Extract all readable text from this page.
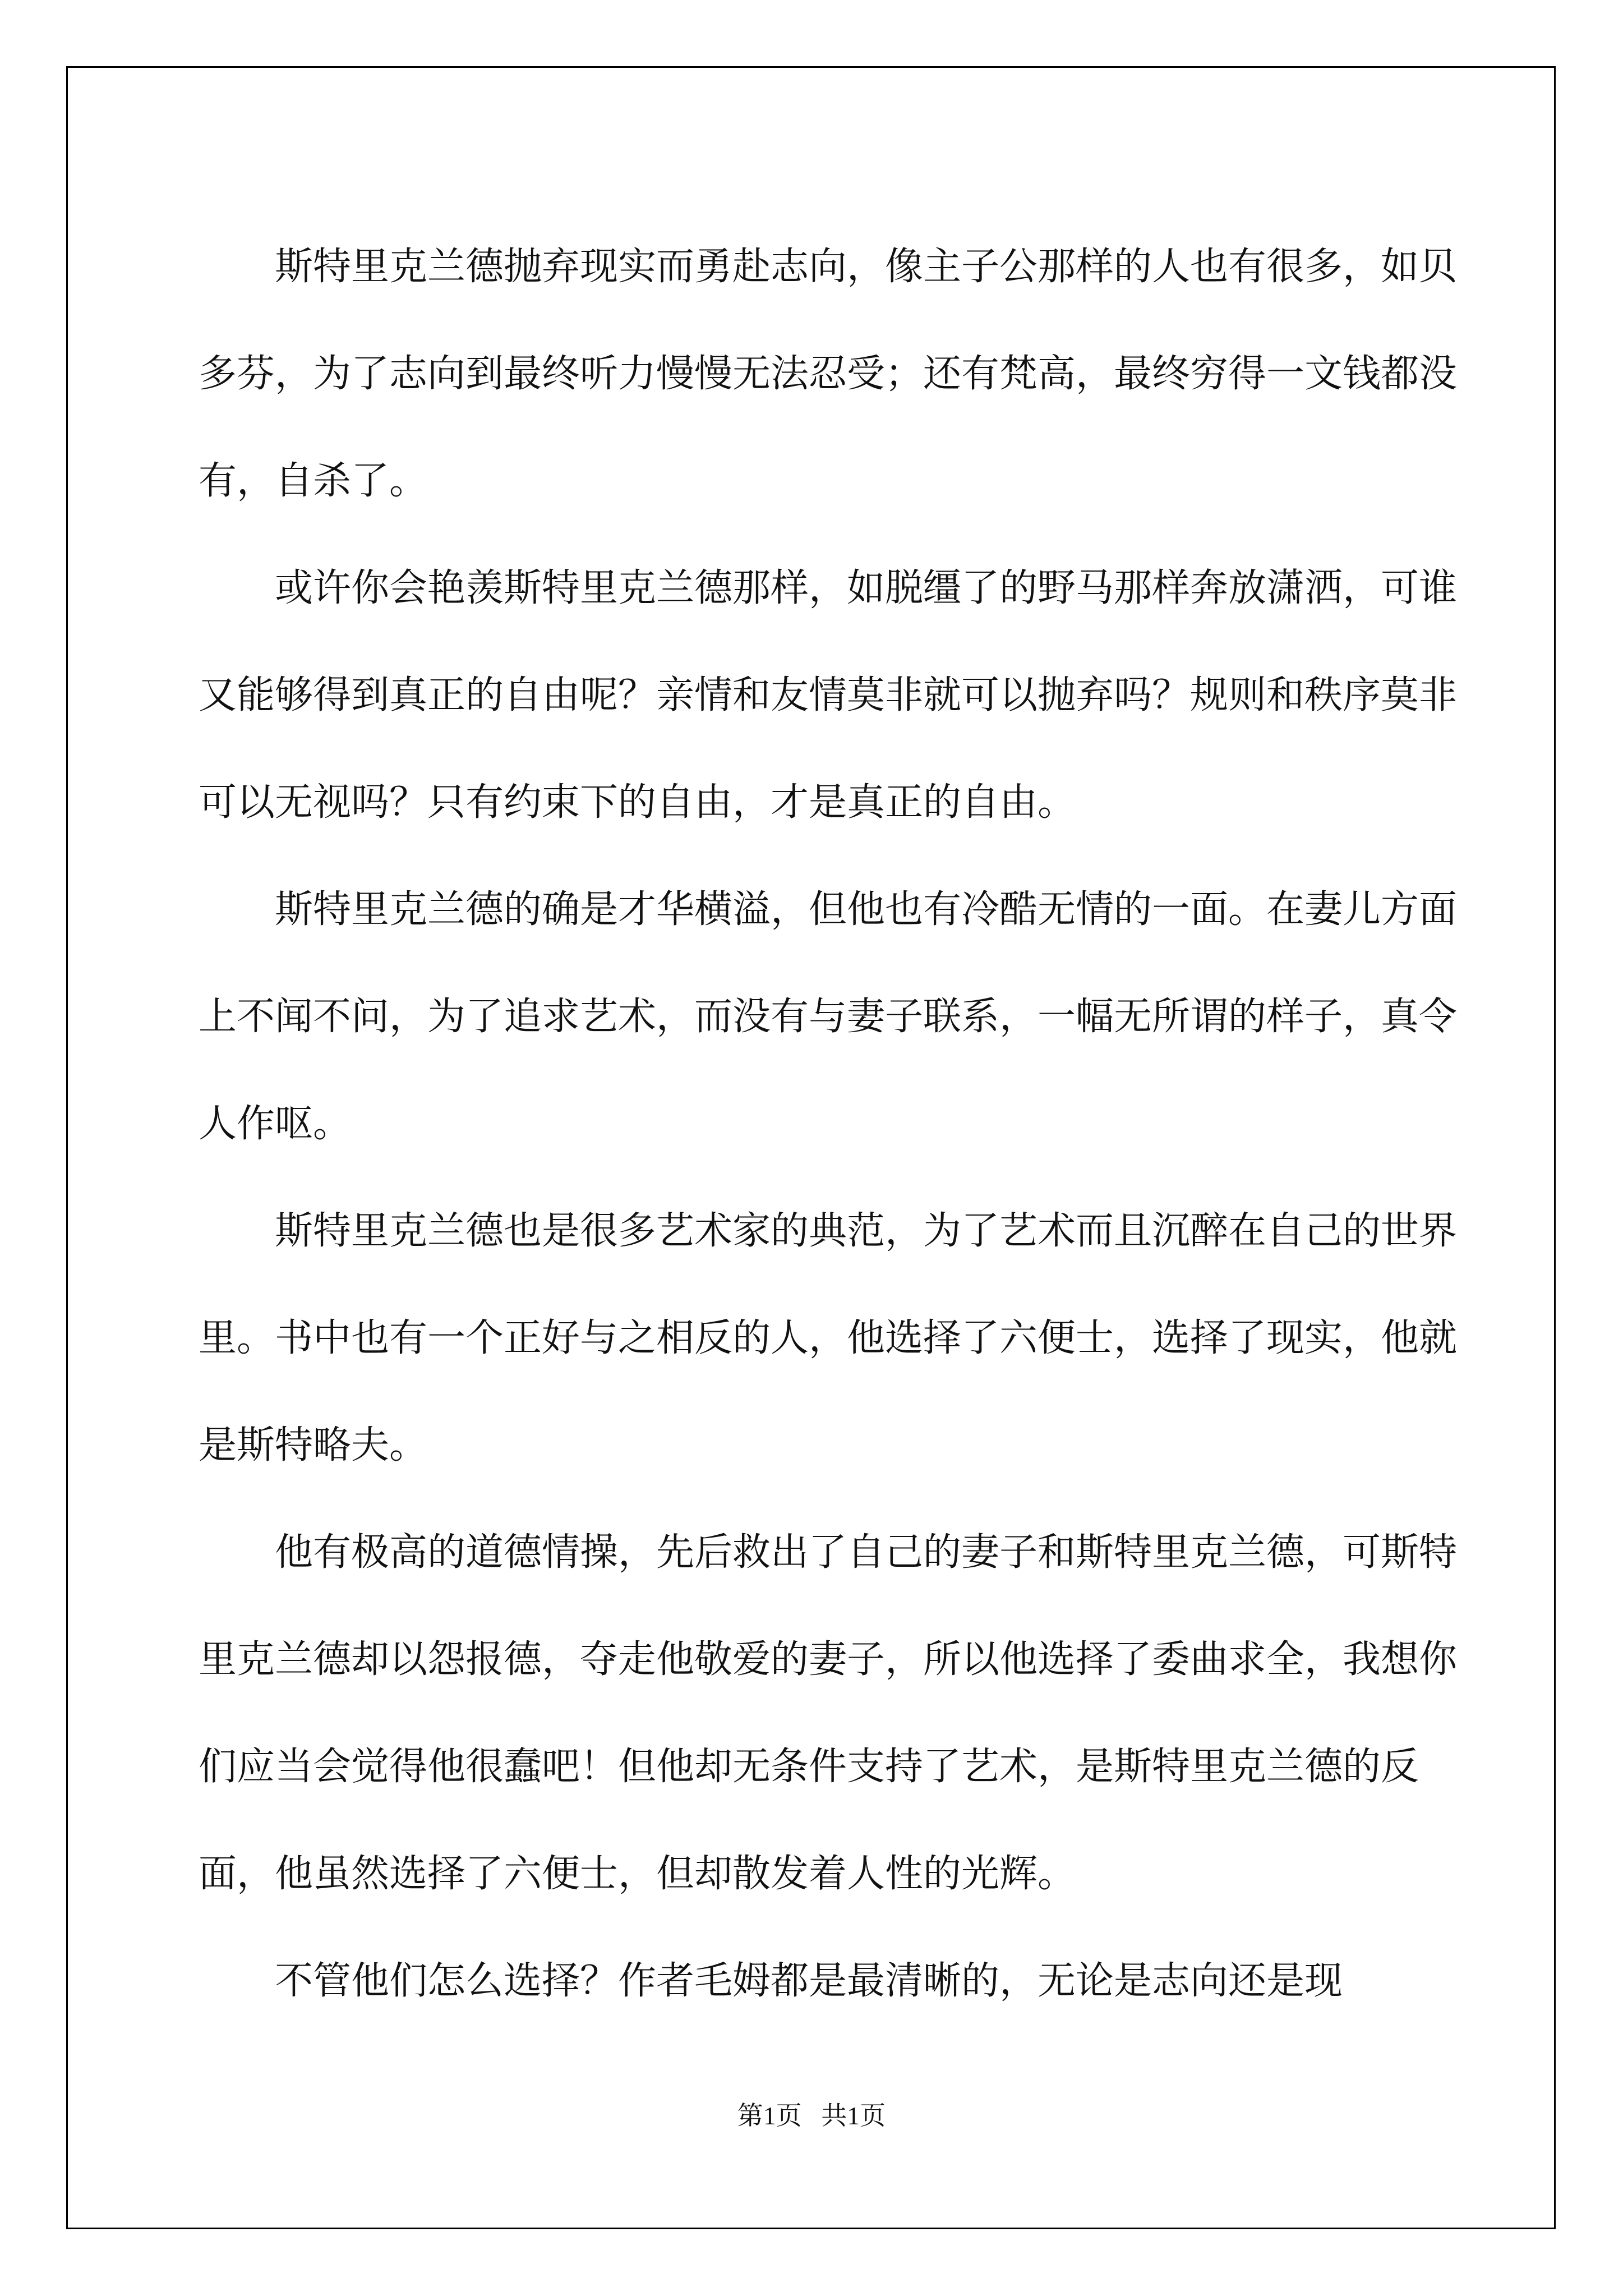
斯特里克兰德抛弃现实而勇赴志向，像主子公那样的人也有很多，如贝多芬，为了志向到最终听力慢慢无法忍受；还有梵高，最终穷得一文钱都没有，自杀了。

或许你会艳羡斯特里克兰德那样，如脱缰了的野马那样奔放潇洒，可谁又能够得到真正的自由呢？亲情和友情莫非就可以抛弃吗？规则和秩序莫非可以无视吗？只有约束下的自由，才是真正的自由。

斯特里克兰德的确是才华横溢，但他也有冷酷无情的一面。在妻儿方面上不闻不问，为了追求艺术，而没有与妻子联系，一幅无所谓的样子，真令人作呕。

斯特里克兰德也是很多艺术家的典范，为了艺术而且沉醉在自己的世界里。书中也有一个正好与之相反的人，他选择了六便士，选择了现实，他就是斯特略夫。

他有极高的道德情操，先后救出了自己的妻子和斯特里克兰德，可斯特里克兰德却以怨报德，夺走他敬爱的妻子，所以他选择了委曲求全，我想你们应当会觉得他很蠢吧！但他却无条件支持了艺术，是斯特里克兰德的反面，他虽然选择了六便士，但却散发着人性的光辉。

不管他们怎么选择？作者毛姆都是最清晰的，无论是志向还是现

第1页   共1页
